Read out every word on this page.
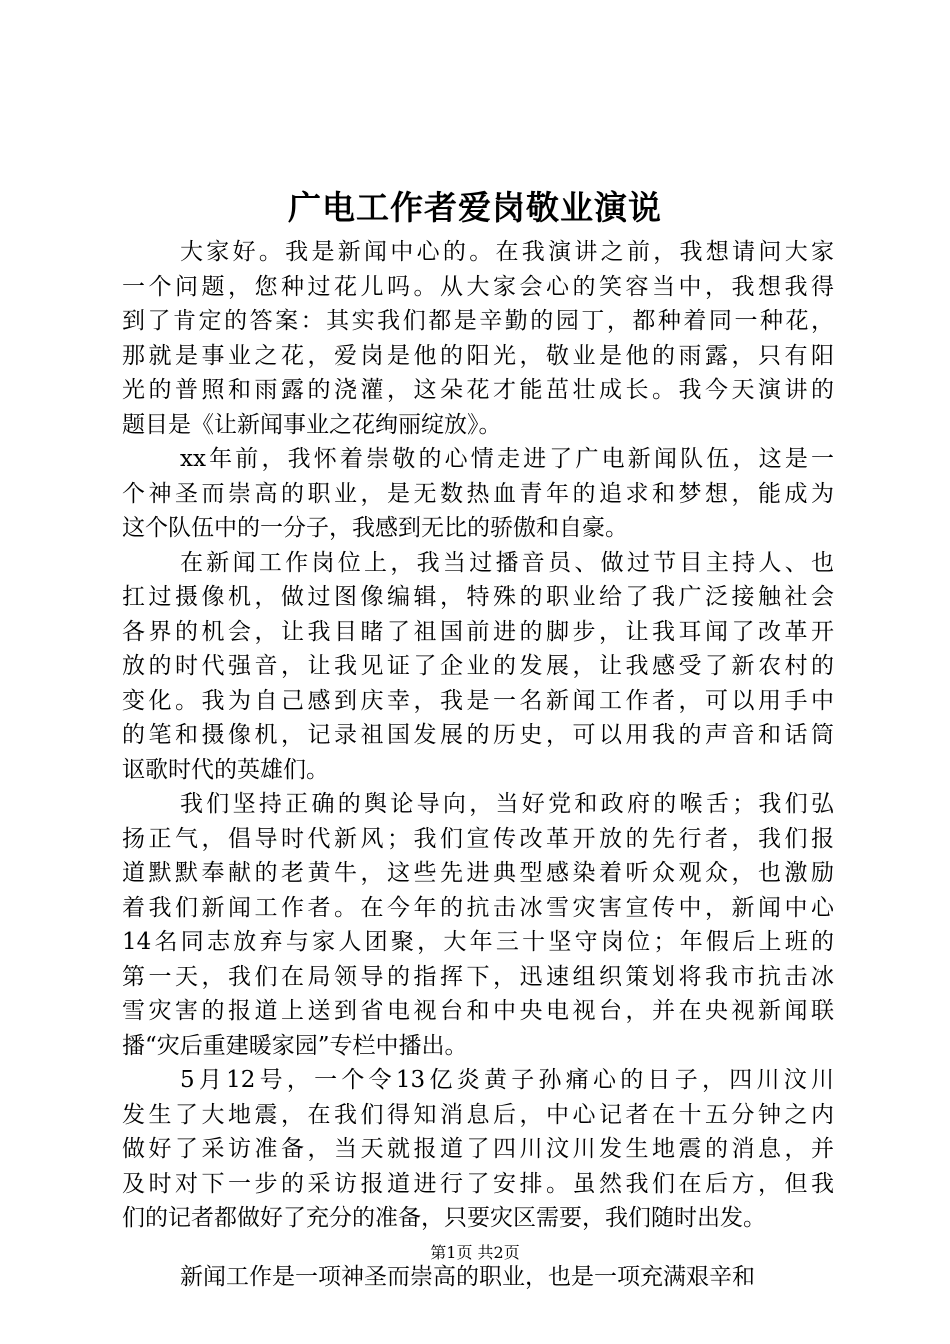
广电工作者爱岗敬业演说
大家好。我是新闻中心的。在我演讲之前，我想请问大家
一个问题，您种过花儿吗。从大家会心的笑容当中，我想我得
到了肯定的答案：其实我们都是辛勤的园丁，都种着同一种花，
那就是事业之花，爱岗是他的阳光，敬业是他的雨露，只有阳
光的普照和雨露的浇灌，这朵花才能茁壮成长。我今天演讲的
题目是《让新闻事业之花绚丽绽放》。
xx年前，我怀着崇敬的心情走进了广电新闻队伍，这是一
个神圣而崇高的职业，是无数热血青年的追求和梦想，能成为
这个队伍中的一分子，我感到无比的骄傲和自豪。
在新闻工作岗位上，我当过播音员、做过节目主持人、也
扛过摄像机，做过图像编辑，特殊的职业给了我广泛接触社会
各界的机会，让我目睹了祖国前进的脚步，让我耳闻了改革开
放的时代强音，让我见证了企业的发展，让我感受了新农村的
变化。我为自己感到庆幸，我是一名新闻工作者，可以用手中
的笔和摄像机，记录祖国发展的历史，可以用我的声音和话筒
讴歌时代的英雄们。
我们坚持正确的舆论导向，当好党和政府的喉舌；我们弘
扬正气，倡导时代新风；我们宣传改革开放的先行者，我们报
道默默奉献的老黄牛，这些先进典型感染着听众观众，也激励
着我们新闻工作者。在今年的抗击冰雪灾害宣传中，新闻中心
14名同志放弃与家人团聚，大年三十坚守岗位；年假后上班的
第一天，我们在局领导的指挥下，迅速组织策划将我市抗击冰
雪灾害的报道上送到省电视台和中央电视台，并在央视新闻联
播“灾后重建暖家园”专栏中播出。
5月12号，一个令13亿炎黄子孙痛心的日子，四川汶川
发生了大地震，在我们得知消息后，中心记者在十五分钟之内
做好了采访准备，当天就报道了四川汶川发生地震的消息，并
及时对下一步的采访报道进行了安排。虽然我们在后方，但我
们的记者都做好了充分的准备，只要灾区需要，我们随时出发。
新闻工作是一项神圣而崇高的职业，也是一项充满艰辛和
第1页 共2页
